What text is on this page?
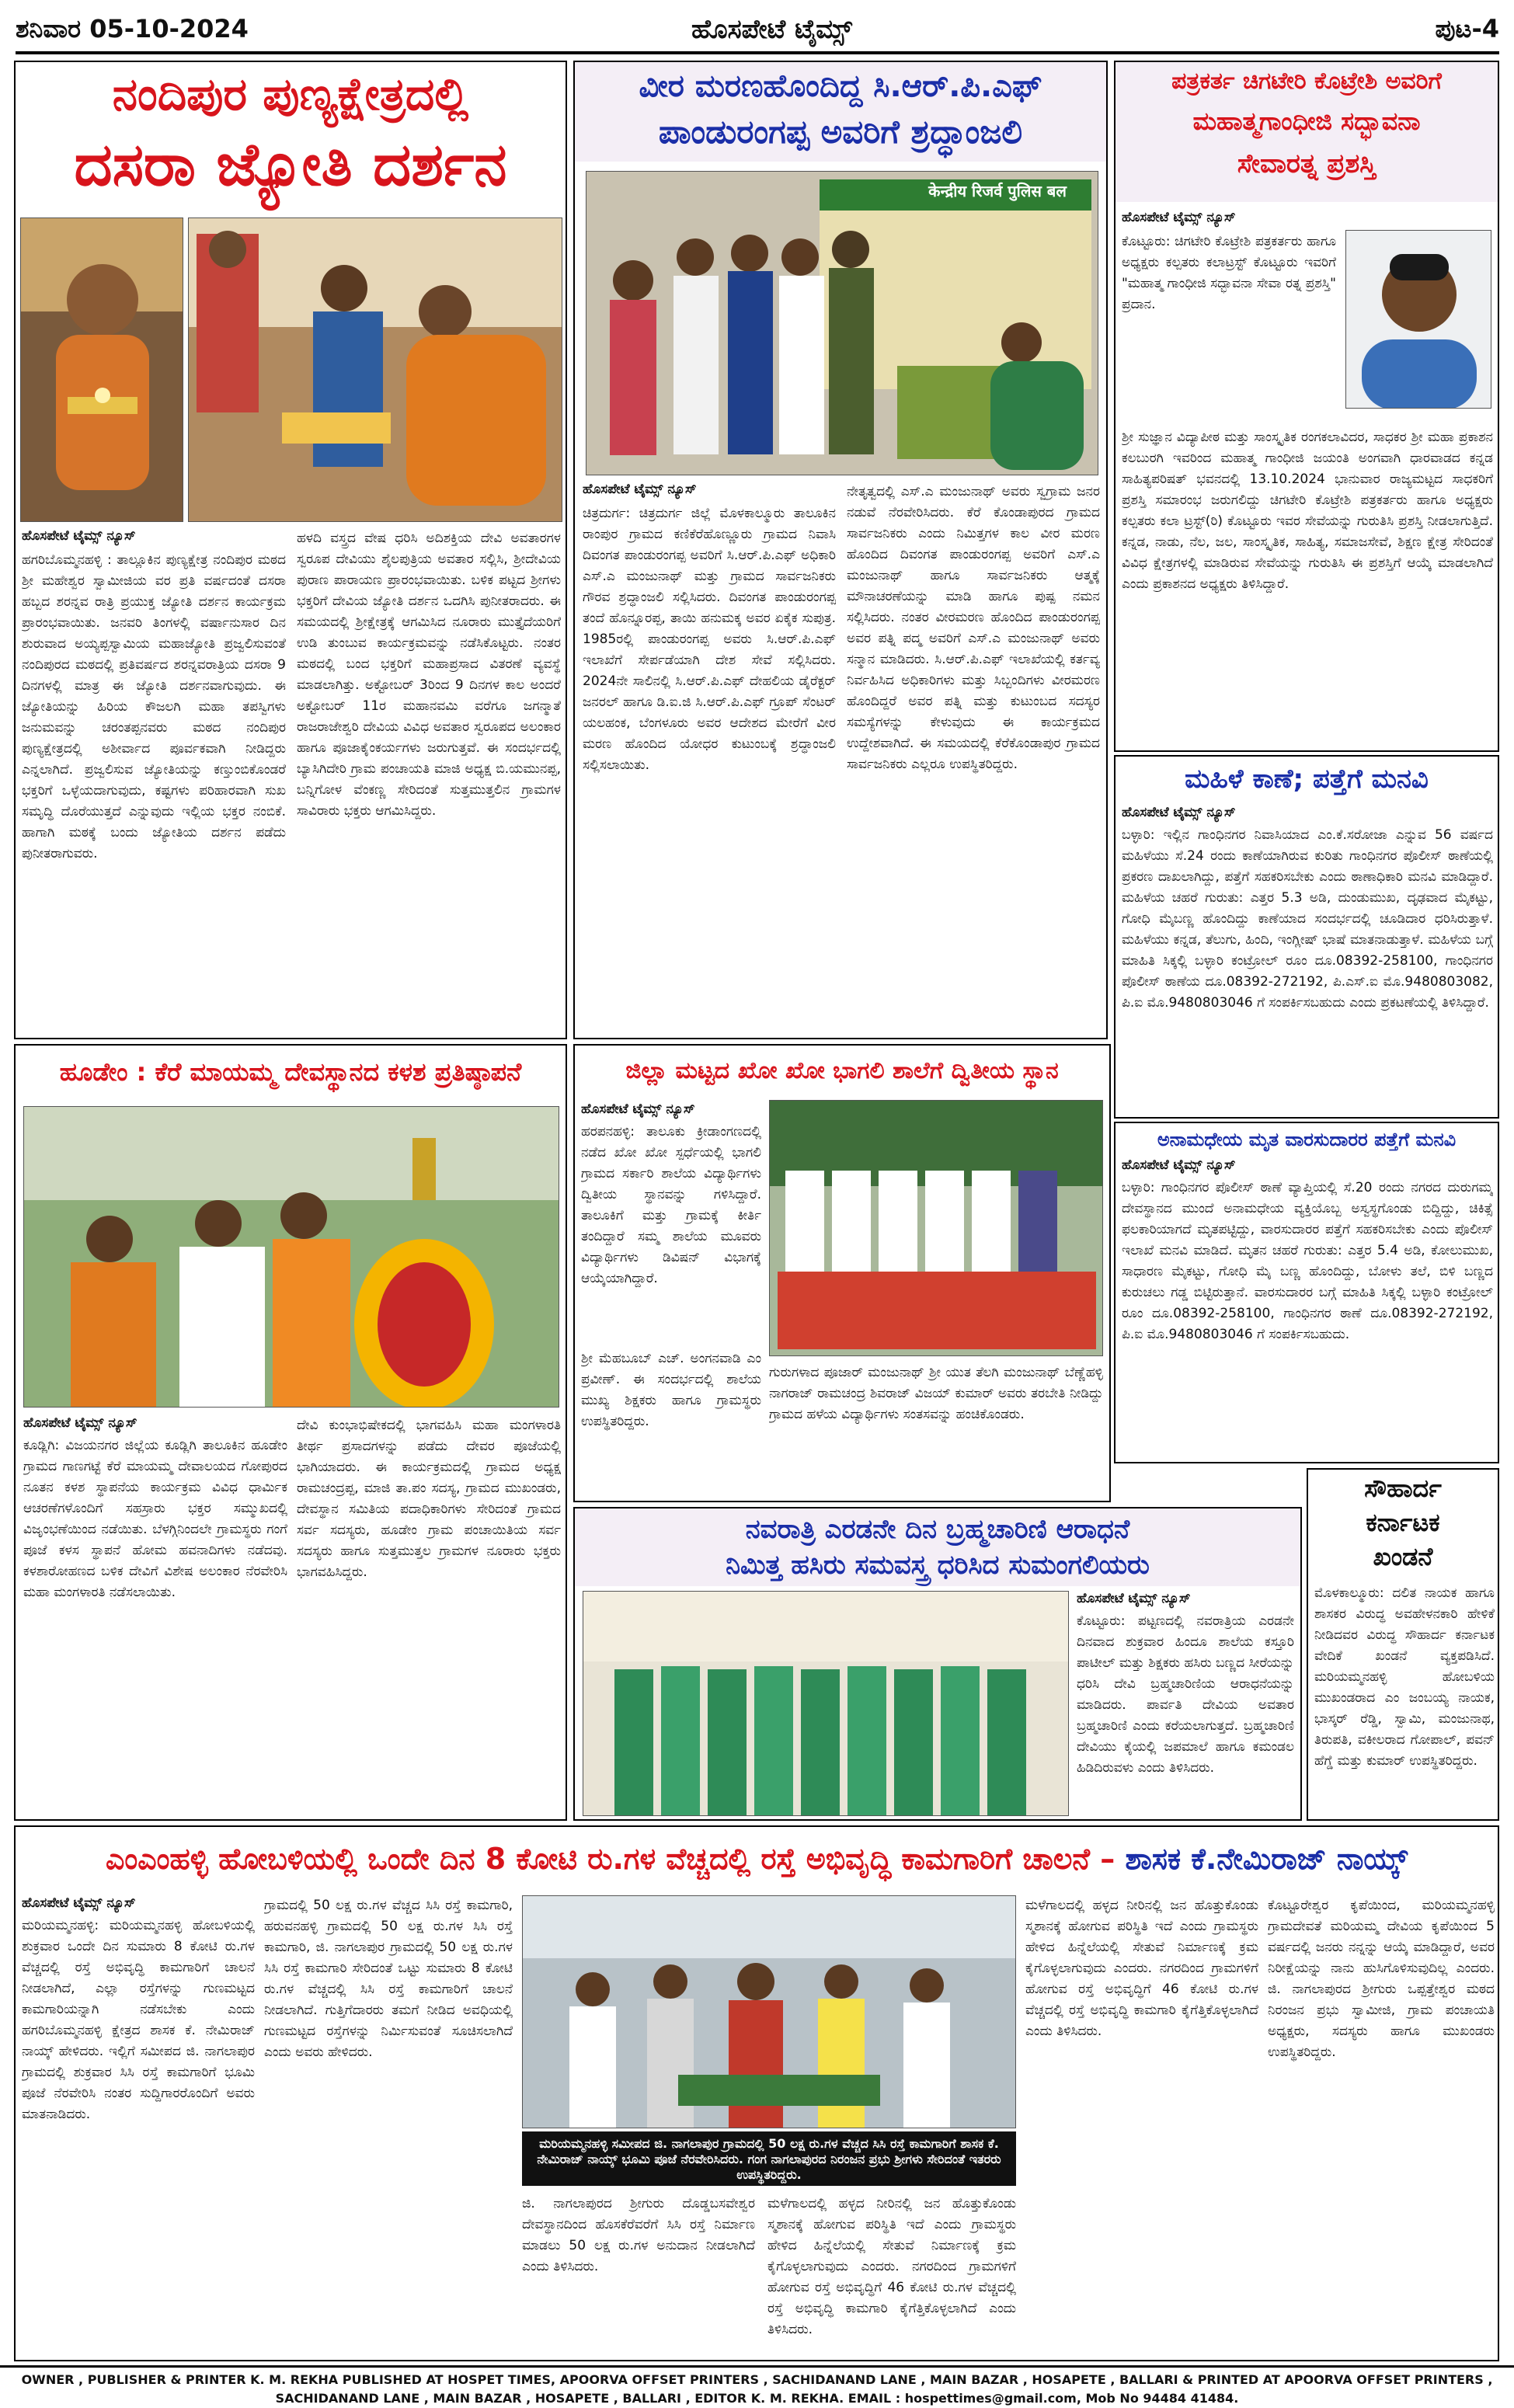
ಶನಿವಾರ 05-10-2024	ಹೊಸಪೇಟೆ ಟೈಮ್ಸ್	ಪುಟ-4
ನಂದಿಪುರ ಪುಣ್ಯಕ್ಷೇತ್ರದಲ್ಲಿ
ದಸರಾ ಜ್ಯೋತಿ ದರ್ಶನ
ಹೊಸಪೇಟೆ ಟೈಮ್ಸ್ ನ್ಯೂಸ್
ಹಗರಿಬೊಮ್ಮನಹಳ್ಳಿ : ತಾಲ್ಲೂಕಿನ ಪುಣ್ಯಕ್ಷೇತ್ರ ನಂದಿಪುರ ಮಠದ ಶ್ರೀ ಮಹೇಶ್ವರ ಸ್ವಾಮೀಜಿಯ ವರ ಪ್ರತಿ ವರ್ಷದಂತೆ ದಸರಾ ಹಬ್ಬದ ಶರನ್ನವ ರಾತ್ರಿ ಪ್ರಯುಕ್ತ ಜ್ಯೋತಿ ದರ್ಶನ ಕಾರ್ಯಕ್ರಮ ಪ್ರಾರಂಭವಾಯಿತು. ಜನವರಿ ತಿಂಗಳಲ್ಲಿ ವರ್ಷಾನುಸಾರ ದಿನ ಶುರುವಾದ ಅಯ್ಯಪ್ಪಸ್ವಾಮಿಯ ಮಹಾಜ್ಯೋತಿ ಪ್ರಜ್ವಲಿಸುವಂತೆ ನಂದಿಪುರದ ಮಠದಲ್ಲಿ ಪ್ರತಿವರ್ಷದ ಶರನ್ನವರಾತ್ರಿಯ ದಸರಾ 9 ದಿನಗಳಲ್ಲಿ ಮಾತ್ರ ಈ ಜ್ಯೋತಿ ದರ್ಶನವಾಗುವುದು. ಈ ಜ್ಯೋತಿಯನ್ನು ಹಿರಿಯ ಕೌಜಲಗಿ ಮಹಾ ತಪಸ್ವಿಗಳು ಜನುಮವನ್ನು ಚರಂತಪ್ಪನವರು ಮಠದ ನಂದಿಪುರ ಪುಣ್ಯಕ್ಷೇತ್ರದಲ್ಲಿ ಅಶೀರ್ವಾದ ಪೂರ್ವಕವಾಗಿ ನೀಡಿದ್ದರು ಎನ್ನಲಾಗಿದೆ. ಪ್ರಜ್ವಲಿಸುವ ಜ್ಯೋತಿಯನ್ನು ಕಣ್ತುಂಬಿಕೊಂಡರೆ ಭಕ್ತರಿಗೆ ಒಳ್ಳೆಯದಾಗುವುದು, ಕಷ್ಟಗಳು ಪರಿಹಾರವಾಗಿ ಸುಖ ಸಮೃದ್ಧಿ ದೊರೆಯುತ್ತದೆ ಎನ್ನುವುದು ಇಲ್ಲಿಯ ಭಕ್ತರ ನಂಬಿಕೆ. ಹಾಗಾಗಿ ಮಠಕ್ಕೆ ಬಂದು ಜ್ಯೋತಿಯ ದರ್ಶನ ಪಡೆದು ಪುನೀತರಾಗುವರು.
ಹಳದಿ ವಸ್ತ್ರದ ವೇಷ ಧರಿಸಿ ಅದಿಶಕ್ತಿಯ ದೇವಿ ಅವತಾರಗಳ ಸ್ವರೂಪ ದೇವಿಯು ಶೈಲಪುತ್ರಿಯ ಅವತಾರ ಸಲ್ಲಿಸಿ, ಶ್ರೀದೇವಿಯ ಪುರಾಣ ಪಾರಾಯಣ ಪ್ರಾರಂಭವಾಯಿತು. ಬಳಿಕ ಪಟ್ಟದ ಶ್ರೀಗಳು ಭಕ್ತರಿಗೆ ದೇವಿಯ ಜ್ಯೋತಿ ದರ್ಶನ ಒದಗಿಸಿ ಪುನೀತರಾದರು. ಈ ಸಮಯದಲ್ಲಿ ಶ್ರೀಕ್ಷೇತ್ರಕ್ಕೆ ಆಗಮಿಸಿದ ನೂರಾರು ಮುತ್ತೈದೆಯರಿಗೆ ಉಡಿ ತುಂಬುವ ಕಾರ್ಯಕ್ರಮವನ್ನು ನಡೆಸಿಕೊಟ್ಟರು. ನಂತರ ಮಠದಲ್ಲಿ ಬಂದ ಭಕ್ತರಿಗೆ ಮಹಾಪ್ರಸಾದ ವಿತರಣೆ ವ್ಯವಸ್ಥೆ ಮಾಡಲಾಗಿತ್ತು. ಅಕ್ಟೋಬರ್ 3ರಿಂದ 9 ದಿನಗಳ ಕಾಲ ಅಂದರೆ ಅಕ್ಟೋಬರ್ 11ರ ಮಹಾನವಮಿ ವರೆಗೂ ಜಗನ್ಮಾತೆ ರಾಜರಾಜೇಶ್ವರಿ ದೇವಿಯ ವಿವಿಧ ಅವತಾರ ಸ್ವರೂಪದ ಅಲಂಕಾರ ಹಾಗೂ ಪೂಜಾಕೈಂಕರ್ಯಗಳು ಜರುಗುತ್ತವೆ. ಈ ಸಂದರ್ಭದಲ್ಲಿ ಬ್ಯಾಸಿಗಿದೇರಿ ಗ್ರಾಮ ಪಂಚಾಯತಿ ಮಾಜಿ ಅಧ್ಯಕ್ಷ ಬಿ.ಯಮುನಪ್ಪ, ಬನ್ನಿಗೋಳ ವೆಂಕಣ್ಣ ಸೇರಿದಂತೆ ಸುತ್ತಮುತ್ತಲಿನ ಗ್ರಾಮಗಳ ಸಾವಿರಾರು ಭಕ್ತರು ಆಗಮಿಸಿದ್ದರು.
ವೀರ ಮರಣಹೊಂದಿದ್ದ ಸಿ.ಆರ್.ಪಿ.ಎಫ್
ಪಾಂಡುರಂಗಪ್ಪ ಅವರಿಗೆ ಶ್ರದ್ಧಾಂಜಲಿ
केन्द्रीय रिजर्व पुलिस बल
ಹೊಸಪೇಟೆ ಟೈಮ್ಸ್ ನ್ಯೂಸ್
ಚಿತ್ರದುರ್ಗ: ಚಿತ್ರದುರ್ಗ ಜಿಲ್ಲೆ ಮೊಳಕಾಲ್ಮೂರು ತಾಲೂಕಿನ ರಾಂಪುರ ಗ್ರಾಮದ ಕಣಿಕೆರೆಹೊಣ್ಣೂರು ಗ್ರಾಮದ ನಿವಾಸಿ ದಿವಂಗತ ಪಾಂಡುರಂಗಪ್ಪ ಅವರಿಗೆ ಸಿ.ಆರ್.ಪಿ.ಎಫ್ ಅಧಿಕಾರಿ ಎಸ್.ಎ ಮಂಜುನಾಥ್ ಮತ್ತು ಗ್ರಾಮದ ಸಾರ್ವಜನಿಕರು ಗೌರವ ಶ್ರದ್ಧಾಂಜಲಿ ಸಲ್ಲಿಸಿದರು. ದಿವಂಗತ ಪಾಂಡುರಂಗಪ್ಪ ತಂದೆ ಹೊನ್ನೂರಪ್ಪ, ತಾಯಿ ಹನುಮಕ್ಕ ಅವರ ಏಕೈಕ ಸುಪುತ್ರ. 1985ರಲ್ಲಿ ಪಾಂಡುರಂಗಪ್ಪ ಅವರು ಸಿ.ಆರ್.ಪಿ.ಎಫ್ ಇಲಾಖೆಗೆ ಸೇರ್ಪಡೆಯಾಗಿ ದೇಶ ಸೇವೆ ಸಲ್ಲಿಸಿದರು. 2024ನೇ ಸಾಲಿನಲ್ಲಿ ಸಿ.ಆರ್.ಪಿ.ಎಫ್ ದೇಹಲಿಯ ಡೈರೆಕ್ಟರ್ ಜನರಲ್ ಹಾಗೂ ಡಿ.ಐ.ಜಿ ಸಿ.ಆರ್.ಪಿ.ಎಫ್ ಗ್ರೂಪ್ ಸೆಂಟರ್ ಯಲಹಂಕ, ಬೆಂಗಳೂರು ಅವರ ಆದೇಶದ ಮೇರೆಗೆ ವೀರ ಮರಣ ಹೊಂದಿದ ಯೋಧರ ಕುಟುಂಬಕ್ಕೆ ಶ್ರದ್ಧಾಂಜಲಿ ಸಲ್ಲಿಸಲಾಯಿತು.
ನೇತೃತ್ವದಲ್ಲಿ ಎಸ್.ಎ ಮಂಜುನಾಥ್ ಅವರು ಸ್ವಗ್ರಾಮ ಜನರ ನಡುವೆ ನೆರವೇರಿಸಿದರು. ಕೆರೆ ಕೊಂಡಾಪುರದ ಗ್ರಾಮದ ಸಾರ್ವಜನಿಕರು ಎಂದು ನಿಮಿತ್ತಗಳ ಕಾಲ ವೀರ ಮರಣ ಹೊಂದಿದ ದಿವಂಗತ ಪಾಂಡುರಂಗಪ್ಪ ಅವರಿಗೆ ಎಸ್.ಎ ಮಂಜುನಾಥ್ ಹಾಗೂ ಸಾರ್ವಜನಿಕರು ಆತ್ಮಕ್ಕೆ ಮೌನಾಚರಣೆಯನ್ನು ಮಾಡಿ ಹಾಗೂ ಪುಷ್ಪ ನಮನ ಸಲ್ಲಿಸಿದರು. ನಂತರ ವೀರಮರಣ ಹೊಂದಿದ ಪಾಂಡುರಂಗಪ್ಪ ಅವರ ಪತ್ನಿ ಪದ್ಮ ಅವರಿಗೆ ಎಸ್.ಎ ಮಂಜುನಾಥ್ ಅವರು ಸನ್ಮಾನ ಮಾಡಿದರು. ಸಿ.ಆರ್.ಪಿ.ಎಫ್ ಇಲಾಖೆಯಲ್ಲಿ ಕರ್ತವ್ಯ ನಿರ್ವಹಿಸಿದ ಅಧಿಕಾರಿಗಳು ಮತ್ತು ಸಿಬ್ಬಂದಿಗಳು ವೀರಮರಣ ಹೊಂದಿದ್ದರೆ ಅವರ ಪತ್ನಿ ಮತ್ತು ಕುಟುಂಬದ ಸದಸ್ಯರ ಸಮಸ್ಯೆಗಳನ್ನು ಕೇಳುವುದು ಈ ಕಾರ್ಯಕ್ರಮದ ಉದ್ದೇಶವಾಗಿದೆ. ಈ ಸಮಯದಲ್ಲಿ ಕೆರೆಕೊಂಡಾಪುರ ಗ್ರಾಮದ ಸಾರ್ವಜನಿಕರು ಎಲ್ಲರೂ ಉಪಸ್ಥಿತರಿದ್ದರು.
ಪತ್ರಕರ್ತ ಚಿಗಟೇರಿ ಕೊಟ್ರೇಶಿ ಅವರಿಗೆ
ಮಹಾತ್ಮಗಾಂಧೀಜಿ ಸದ್ಭಾವನಾ
ಸೇವಾರತ್ನ ಪ್ರಶಸ್ತಿ
ಹೊಸಪೇಟೆ ಟೈಮ್ಸ್ ನ್ಯೂಸ್
ಕೊಟ್ಟೂರು: ಚಿಗಟೇರಿ ಕೊಟ್ರೇಶಿ ಪತ್ರಕರ್ತರು ಹಾಗೂ ಅಧ್ಯಕ್ಷರು ಕಲ್ಪತರು ಕಲಾಟ್ರಸ್ಟ್ ಕೊಟ್ಟೂರು ಇವರಿಗೆ "ಮಹಾತ್ಮ ಗಾಂಧೀಜಿ ಸದ್ಭಾವನಾ ಸೇವಾ ರತ್ನ ಪ್ರಶಸ್ತಿ" ಪ್ರದಾನ.
ಶ್ರೀ ಸುಜ್ಞಾನ ವಿದ್ಯಾಪೀಠ ಮತ್ತು ಸಾಂಸ್ಕೃತಿಕ ರಂಗಕಲಾವಿದರ, ಸಾಧಕರ ಶ್ರೀ ಮಹಾ ಪ್ರಕಾಶನ ಕಲಬುರಗಿ ಇವರಿಂದ ಮಹಾತ್ಮ ಗಾಂಧೀಜಿ ಜಯಂತಿ ಅಂಗವಾಗಿ ಧಾರವಾಡದ ಕನ್ನಡ ಸಾಹಿತ್ಯಪರಿಷತ್ ಭವನದಲ್ಲಿ 13.10.2024 ಭಾನುವಾರ ರಾಜ್ಯಮಟ್ಟದ ಸಾಧಕರಿಗೆ ಪ್ರಶಸ್ತಿ ಸಮಾರಂಭ ಜರುಗಲಿದ್ದು ಚಿಗಟೇರಿ ಕೊಟ್ರೇಶಿ ಪತ್ರಕರ್ತರು ಹಾಗೂ ಅಧ್ಯಕ್ಷರು ಕಲ್ಪತರು ಕಲಾ ಟ್ರಸ್ಟ್(ರಿ) ಕೊಟ್ಟೂರು ಇವರ ಸೇವೆಯನ್ನು ಗುರುತಿಸಿ ಪ್ರಶಸ್ತಿ ನೀಡಲಾಗುತ್ತಿದೆ. ಕನ್ನಡ, ನಾಡು, ನೆಲ, ಜಲ, ಸಾಂಸ್ಕೃತಿಕ, ಸಾಹಿತ್ಯ, ಸಮಾಜಸೇವೆ, ಶಿಕ್ಷಣ ಕ್ಷೇತ್ರ ಸೇರಿದಂತೆ ವಿವಿಧ ಕ್ಷೇತ್ರಗಳಲ್ಲಿ ಮಾಡಿರುವ ಸೇವೆಯನ್ನು ಗುರುತಿಸಿ ಈ ಪ್ರಶಸ್ತಿಗೆ ಆಯ್ಕೆ ಮಾಡಲಾಗಿದೆ ಎಂದು ಪ್ರಕಾಶನದ ಅಧ್ಯಕ್ಷರು ತಿಳಿಸಿದ್ದಾರೆ.
ಮಹಿಳೆ ಕಾಣೆ; ಪತ್ತೆಗೆ ಮನವಿ
ಹೊಸಪೇಟೆ ಟೈಮ್ಸ್ ನ್ಯೂಸ್
ಬಳ್ಳಾರಿ: ಇಲ್ಲಿನ ಗಾಂಧಿನಗರ ನಿವಾಸಿಯಾದ ಎಂ.ಕೆ.ಸರೋಜಾ ಎನ್ನುವ 56 ವರ್ಷದ ಮಹಿಳೆಯು ಸೆ.24 ರಂದು ಕಾಣೆಯಾಗಿರುವ ಕುರಿತು ಗಾಂಧಿನಗರ ಪೊಲೀಸ್ ಠಾಣೆಯಲ್ಲಿ ಪ್ರಕರಣ ದಾಖಲಾಗಿದ್ದು, ಪತ್ತೆಗೆ ಸಹಕರಿಸಬೇಕು ಎಂದು ಠಾಣಾಧಿಕಾರಿ ಮನವಿ ಮಾಡಿದ್ದಾರೆ. ಮಹಿಳೆಯ ಚಹರೆ ಗುರುತು: ಎತ್ತರ 5.3 ಅಡಿ, ದುಂಡುಮುಖ, ದೃಢವಾದ ಮೈಕಟ್ಟು, ಗೋಧಿ ಮೈಬಣ್ಣ ಹೊಂದಿದ್ದು ಕಾಣೆಯಾದ ಸಂದರ್ಭದಲ್ಲಿ ಚೂಡಿದಾರ ಧರಿಸಿರುತ್ತಾಳೆ. ಮಹಿಳೆಯು ಕನ್ನಡ, ತೆಲುಗು, ಹಿಂದಿ, ಇಂಗ್ಲೀಷ್ ಭಾಷೆ ಮಾತನಾಡುತ್ತಾಳೆ. ಮಹಿಳೆಯ ಬಗ್ಗೆ ಮಾಹಿತಿ ಸಿಕ್ಕಲ್ಲಿ ಬಳ್ಳಾರಿ ಕಂಟ್ರೋಲ್ ರೂಂ ದೂ.08392-258100, ಗಾಂಧಿನಗರ ಪೊಲೀಸ್ ಠಾಣೆಯ ದೂ.08392-272192, ಪಿ.ಎಸ್.ಐ ಮೊ.9480803082, ಪಿ.ಐ ಮೊ.9480803046 ಗೆ ಸಂಪರ್ಕಿಸಬಹುದು ಎಂದು ಪ್ರಕಟಣೆಯಲ್ಲಿ ತಿಳಿಸಿದ್ದಾರೆ.
ಅನಾಮಧೇಯ ಮೃತ ವಾರಸುದಾರರ ಪತ್ತೆಗೆ ಮನವಿ
ಹೊಸಪೇಟೆ ಟೈಮ್ಸ್ ನ್ಯೂಸ್
ಬಳ್ಳಾರಿ: ಗಾಂಧಿನಗರ ಪೊಲೀಸ್ ಠಾಣೆ ವ್ಯಾಪ್ತಿಯಲ್ಲಿ ಸೆ.20 ರಂದು ನಗರದ ದುರುಗಮ್ಮ ದೇವಸ್ಥಾನದ ಮುಂದೆ ಅನಾಮಧೇಯ ವ್ಯಕ್ತಿಯೊಬ್ಬ ಅಸ್ವಸ್ಥಗೊಂಡು ಬಿದ್ದಿದ್ದು, ಚಿಕಿತ್ಸೆ ಫಲಕಾರಿಯಾಗದೆ ಮೃತಪಟ್ಟಿದ್ದು, ವಾರಸುದಾರರ ಪತ್ತೆಗೆ ಸಹಕರಿಸಬೇಕು ಎಂದು ಪೊಲೀಸ್ ಇಲಾಖೆ ಮನವಿ ಮಾಡಿದೆ. ಮೃತನ ಚಹರೆ ಗುರುತು: ಎತ್ತರ 5.4 ಅಡಿ, ಕೋಲುಮುಖ, ಸಾಧಾರಣ ಮೈಕಟ್ಟು, ಗೋಧಿ ಮೈ ಬಣ್ಣ ಹೊಂದಿದ್ದು, ಬೋಳು ತಲೆ, ಬಿಳಿ ಬಣ್ಣದ ಕುರುಚಲು ಗಡ್ಡ ಬಿಟ್ಟಿರುತ್ತಾನೆ. ವಾರಸುದಾರರ ಬಗ್ಗೆ ಮಾಹಿತಿ ಸಿಕ್ಕಲ್ಲಿ ಬಳ್ಳಾರಿ ಕಂಟ್ರೋಲ್ ರೂಂ ದೂ.08392-258100, ಗಾಂಧಿನಗರ ಠಾಣೆ ದೂ.08392-272192, ಪಿ.ಐ ಮೊ.9480803046 ಗೆ ಸಂಪರ್ಕಿಸಬಹುದು.
ಹೂಡೇಂ : ಕೆರೆ ಮಾಯಮ್ಮ ದೇವಸ್ಥಾನದ ಕಳಶ ಪ್ರತಿಷ್ಠಾಪನೆ
ಹೊಸಪೇಟೆ ಟೈಮ್ಸ್ ನ್ಯೂಸ್
ಕೂಡ್ಲಿಗಿ: ವಿಜಯನಗರ ಜಿಲ್ಲೆಯ ಕೂಡ್ಲಿಗಿ ತಾಲೂಕಿನ ಹೂಡೇಂ ಗ್ರಾಮದ ಗಾಣಗಟ್ಟೆ ಕೆರೆ ಮಾಯಮ್ಮ ದೇವಾಲಯದ ಗೋಪುರದ ನೂತನ ಕಳಶ ಸ್ಥಾಪನೆಯ ಕಾರ್ಯಕ್ರಮ ವಿವಿಧ ಧಾರ್ಮಿಕ ಆಚರಣೆಗಳೊಂದಿಗೆ ಸಹಸ್ರಾರು ಭಕ್ತರ ಸಮ್ಮುಖದಲ್ಲಿ ವಿಜೃಂಭಣೆಯಿಂದ ನಡೆಯಿತು. ಬೆಳಗ್ಗಿನಿಂದಲೇ ಗ್ರಾಮಸ್ಥರು ಗಂಗೆ ಪೂಜೆ ಕಳಸ ಸ್ಥಾಪನೆ ಹೋಮ ಹವನಾದಿಗಳು ನಡೆದವು. ಕಳಶಾರೋಹಣದ ಬಳಿಕ ದೇವಿಗೆ ವಿಶೇಷ ಅಲಂಕಾರ ನೆರವೇರಿಸಿ ಮಹಾ ಮಂಗಳಾರತಿ ನಡೆಸಲಾಯಿತು.
ದೇವಿ ಕುಂಭಾಭಿಷೇಕದಲ್ಲಿ ಭಾಗವಹಿಸಿ ಮಹಾ ಮಂಗಳಾರತಿ ತೀರ್ಥ ಪ್ರಸಾದಗಳನ್ನು ಪಡೆದು ದೇವರ ಪೂಜೆಯಲ್ಲಿ ಭಾಗಿಯಾದರು. ಈ ಕಾರ್ಯಕ್ರಮದಲ್ಲಿ ಗ್ರಾಮದ ಅಧ್ಯಕ್ಷ ರಾಮಚಂದ್ರಪ್ಪ, ಮಾಜಿ ತಾ.ಪಂ ಸದಸ್ಯ, ಗ್ರಾಮದ ಮುಖಂಡರು, ದೇವಸ್ಥಾನ ಸಮಿತಿಯ ಪದಾಧಿಕಾರಿಗಳು ಸೇರಿದಂತೆ ಗ್ರಾಮದ ಸರ್ವ ಸದಸ್ಯರು, ಹೂಡೇಂ ಗ್ರಾಮ ಪಂಚಾಯಿತಿಯ ಸರ್ವ ಸದಸ್ಯರು ಹಾಗೂ ಸುತ್ತಮುತ್ತಲ ಗ್ರಾಮಗಳ ನೂರಾರು ಭಕ್ತರು ಭಾಗವಹಿಸಿದ್ದರು.
ಜಿಲ್ಲಾ ಮಟ್ಟದ ಖೋ ಖೋ ಭಾಗಲಿ ಶಾಲೆಗೆ ದ್ವಿತೀಯ ಸ್ಥಾನ
ಹೊಸಪೇಟೆ ಟೈಮ್ಸ್ ನ್ಯೂಸ್
ಹರಪನಹಳ್ಳಿ: ತಾಲೂಕು ಕ್ರೀಡಾಂಗಣದಲ್ಲಿ ನಡೆದ ಖೋ ಖೋ ಸ್ಪರ್ಧೆಯಲ್ಲಿ ಭಾಗಲಿ ಗ್ರಾಮದ ಸರ್ಕಾರಿ ಶಾಲೆಯ ವಿದ್ಯಾರ್ಥಿಗಳು ದ್ವಿತೀಯ ಸ್ಥಾನವನ್ನು ಗಳಿಸಿದ್ದಾರೆ. ತಾಲೂಕಿಗೆ ಮತ್ತು ಗ್ರಾಮಕ್ಕೆ ಕೀರ್ತಿ ತಂದಿದ್ದಾರೆ ಸಮ್ಮ ಶಾಲೆಯ ಮೂವರು ವಿದ್ಯಾರ್ಥಿಗಳು ಡಿವಿಷನ್ ವಿಭಾಗಕ್ಕೆ ಆಯ್ಕೆಯಾಗಿದ್ದಾರೆ.
ಶ್ರೀ ಮೆಹಬೂಬ್ ಎಚ್. ಅಂಗನವಾಡಿ ಎಂ ಪ್ರವೀಣ್. ಈ ಸಂದರ್ಭದಲ್ಲಿ ಶಾಲೆಯ ಮುಖ್ಯ ಶಿಕ್ಷಕರು ಹಾಗೂ ಗ್ರಾಮಸ್ಥರು ಉಪಸ್ಥಿತರಿದ್ದರು.
ಗುರುಗಳಾದ ಪೂಜಾರ್ ಮಂಜುನಾಥ್ ಶ್ರೀ ಯುತ ತೆಲಗಿ ಮಂಜುನಾಥ್ ಬೆಣ್ಣೆಹಳ್ಳಿ ನಾಗರಾಜ್ ರಾಮಚಂದ್ರ ಶಿವರಾಜ್ ವಿಜಯ್ ಕುಮಾರ್ ಅವರು ತರಬೇತಿ ನೀಡಿದ್ದು ಗ್ರಾಮದ ಹಳೆಯ ವಿದ್ಯಾರ್ಥಿಗಳು ಸಂತಸವನ್ನು ಹಂಚಿಕೊಂಡರು.
ನವರಾತ್ರಿ ಎರಡನೇ ದಿನ ಬ್ರಹ್ಮಚಾರಿಣಿ ಆರಾಧನೆ
ನಿಮಿತ್ತ ಹಸಿರು ಸಮವಸ್ತ್ರ ಧರಿಸಿದ ಸುಮಂಗಲಿಯರು
ಹೊಸಪೇಟೆ ಟೈಮ್ಸ್ ನ್ಯೂಸ್
ಕೊಟ್ಟೂರು: ಪಟ್ಟಣದಲ್ಲಿ ನವರಾತ್ರಿಯ ಎರಡನೇ ದಿನವಾದ ಶುಕ್ರವಾರ ಹಿಂದೂ ಶಾಲೆಯ ಕಸ್ತೂರಿ ಪಾಟೀಲ್ ಮತ್ತು ಶಿಕ್ಷಕರು ಹಸಿರು ಬಣ್ಣದ ಸೀರೆಯನ್ನು ಧರಿಸಿ ದೇವಿ ಬ್ರಹ್ಮಚಾರಿಣಿಯ ಆರಾಧನೆಯನ್ನು ಮಾಡಿದರು. ಪಾರ್ವತಿ ದೇವಿಯ ಅವತಾರ ಬ್ರಹ್ಮಚಾರಿಣಿ ಎಂದು ಕರೆಯಲಾಗುತ್ತದೆ. ಬ್ರಹ್ಮಚಾರಿಣಿ ದೇವಿಯು ಕೈಯಲ್ಲಿ ಜಪಮಾಲೆ ಹಾಗೂ ಕಮಂಡಲ ಹಿಡಿದಿರುವಳು ಎಂದು ತಿಳಿಸಿದರು.
ಸೌಹಾರ್ದ
ಕರ್ನಾಟಕ
ಖಂಡನೆ
ಮೊಳಕಾಲ್ಮೂರು: ದಲಿತ ನಾಯಕ ಹಾಗೂ ಶಾಸಕರ ವಿರುದ್ಧ ಅವಹೇಳನಕಾರಿ ಹೇಳಿಕೆ ನೀಡಿದವರ ವಿರುದ್ಧ ಸೌಹಾರ್ದ ಕರ್ನಾಟಕ ವೇದಿಕೆ ಖಂಡನೆ ವ್ಯಕ್ತಪಡಿಸಿದೆ. ಮರಿಯಮ್ಮನಹಳ್ಳಿ ಹೋಬಳಿಯ ಮುಖಂಡರಾದ ಎಂ ಜಂಬಯ್ಯ ನಾಯಕ, ಭಾಸ್ಕರ್ ರೆಡ್ಡಿ, ಸ್ವಾಮಿ, ಮಂಜುನಾಥ, ತಿರುಪತಿ, ವಕೀಲರಾದ ಗೋಪಾಲ್, ಪವನ್ ಹೆಗ್ಡೆ ಮತ್ತು ಕುಮಾರ್ ಉಪಸ್ಥಿತರಿದ್ದರು.
ಎಂಎಂಹಳ್ಳಿ ಹೋಬಳಿಯಲ್ಲಿ ಒಂದೇ ದಿನ 8 ಕೋಟಿ ರು.ಗಳ ವೆಚ್ಚದಲ್ಲಿ ರಸ್ತೆ ಅಭಿವೃದ್ಧಿ ಕಾಮಗಾರಿಗೆ ಚಾಲನೆ – ಶಾಸಕ ಕೆ.ನೇಮಿರಾಜ್ ನಾಯ್ಕ್
ಹೊಸಪೇಟೆ ಟೈಮ್ಸ್ ನ್ಯೂಸ್
ಮರಿಯಮ್ಮನಹಳ್ಳಿ: ಮರಿಯಮ್ಮನಹಳ್ಳಿ ಹೋಬಳಿಯಲ್ಲಿ ಶುಕ್ರವಾರ ಒಂದೇ ದಿನ ಸುಮಾರು 8 ಕೋಟಿ ರು.ಗಳ ವೆಚ್ಚದಲ್ಲಿ ರಸ್ತೆ ಅಭಿವೃದ್ಧಿ ಕಾಮಗಾರಿಗೆ ಚಾಲನೆ ನೀಡಲಾಗಿದೆ, ಎಲ್ಲಾ ರಸ್ತೆಗಳನ್ನು ಗುಣಮಟ್ಟದ ಕಾಮಗಾರಿಯನ್ನಾಗಿ ನಡೆಸಬೇಕು ಎಂದು ಹಗರಿಬೊಮ್ಮನಹಳ್ಳಿ ಕ್ಷೇತ್ರದ ಶಾಸಕ ಕೆ. ನೇಮಿರಾಜ್ ನಾಯ್ಕ್ ಹೇಳಿದರು. ಇಲ್ಲಿಗೆ ಸಮೀಪದ ಜಿ. ನಾಗಲಾಪುರ ಗ್ರಾಮದಲ್ಲಿ ಶುಕ್ರವಾರ ಸಿಸಿ ರಸ್ತೆ ಕಾಮಗಾರಿಗೆ ಭೂಮಿ ಪೂಜೆ ನೆರವೇರಿಸಿ ನಂತರ ಸುದ್ದಿಗಾರರೊಂದಿಗೆ ಅವರು ಮಾತನಾಡಿದರು.
ಗ್ರಾಮದಲ್ಲಿ 50 ಲಕ್ಷ ರು.ಗಳ ವೆಚ್ಚದ ಸಿಸಿ ರಸ್ತೆ ಕಾಮಗಾರಿ, ಹರುವನಹಳ್ಳಿ ಗ್ರಾಮದಲ್ಲಿ 50 ಲಕ್ಷ ರು.ಗಳ ಸಿಸಿ ರಸ್ತೆ ಕಾಮಗಾರಿ, ಜಿ. ನಾಗಲಾಪುರ ಗ್ರಾಮದಲ್ಲಿ 50 ಲಕ್ಷ ರು.ಗಳ ಸಿಸಿ ರಸ್ತೆ ಕಾಮಗಾರಿ ಸೇರಿದಂತೆ ಒಟ್ಟು ಸುಮಾರು 8 ಕೋಟಿ ರು.ಗಳ ವೆಚ್ಚದಲ್ಲಿ ಸಿಸಿ ರಸ್ತೆ ಕಾಮಗಾರಿಗೆ ಚಾಲನೆ ನೀಡಲಾಗಿದೆ. ಗುತ್ತಿಗೆದಾರರು ತಮಗೆ ನೀಡಿದ ಅವಧಿಯಲ್ಲಿ ಗುಣಮಟ್ಟದ ರಸ್ತೆಗಳನ್ನು ನಿರ್ಮಿಸುವಂತೆ ಸೂಚಿಸಲಾಗಿದೆ ಎಂದು ಅವರು ಹೇಳಿದರು.
ಮರಿಯಮ್ಮನಹಳ್ಳಿ ಸಮೀಪದ ಜಿ. ನಾಗಲಾಪುರ ಗ್ರಾಮದಲ್ಲಿ 50 ಲಕ್ಷ ರು.ಗಳ ವೆಚ್ಚದ ಸಿಸಿ ರಸ್ತೆ ಕಾಮಗಾರಿಗೆ ಶಾಸಕ ಕೆ. ನೇಮಿರಾಜ್ ನಾಯ್ಕ್ ಭೂಮಿ ಪೂಜೆ ನೆರವೇರಿಸಿದರು. ಗಂಗ ನಾಗಲಾಪುರದ ನಿರಂಜನ ಪ್ರಭು ಶ್ರೀಗಳು ಸೇರಿದಂತೆ ಇತರರು ಉಪಸ್ಥಿತರಿದ್ದರು.
ಜಿ. ನಾಗಲಾಪುರದ ಶ್ರೀಗುರು ದೊಡ್ಡಬಸವೇಶ್ವರ ದೇವಸ್ಥಾನದಿಂದ ಹೊಸಕೆರೆವರೆಗೆ ಸಿಸಿ ರಸ್ತೆ ನಿರ್ಮಾಣ ಮಾಡಲು 50 ಲಕ್ಷ ರು.ಗಳ ಅನುದಾನ ನೀಡಲಾಗಿದೆ ಎಂದು ತಿಳಿಸಿದರು.
ಮಳೆಗಾಲದಲ್ಲಿ ಹಳ್ಳದ ನೀರಿನಲ್ಲಿ ಜನ ಹೊತ್ತುಕೊಂಡು ಸ್ಮಶಾನಕ್ಕೆ ಹೋಗುವ ಪರಿಸ್ಥಿತಿ ಇದೆ ಎಂದು ಗ್ರಾಮಸ್ಥರು ಹೇಳಿದ ಹಿನ್ನೆಲೆಯಲ್ಲಿ ಸೇತುವೆ ನಿರ್ಮಾಣಕ್ಕೆ ಕ್ರಮ ಕೈಗೊಳ್ಳಲಾಗುವುದು ಎಂದರು. ನಗರದಿಂದ ಗ್ರಾಮಗಳಿಗೆ ಹೋಗುವ ರಸ್ತೆ ಅಭಿವೃದ್ಧಿಗೆ 46 ಕೋಟಿ ರು.ಗಳ ವೆಚ್ಚದಲ್ಲಿ ರಸ್ತೆ ಅಭಿವೃದ್ಧಿ ಕಾಮಗಾರಿ ಕೈಗೆತ್ತಿಕೊಳ್ಳಲಾಗಿದೆ ಎಂದು ತಿಳಿಸಿದರು.
ಮಳೆಗಾಲದಲ್ಲಿ ಹಳ್ಳದ ನೀರಿನಲ್ಲಿ ಜನ ಹೊತ್ತುಕೊಂಡು ಸ್ಮಶಾನಕ್ಕೆ ಹೋಗುವ ಪರಿಸ್ಥಿತಿ ಇದೆ ಎಂದು ಗ್ರಾಮಸ್ಥರು ಹೇಳಿದ ಹಿನ್ನೆಲೆಯಲ್ಲಿ ಸೇತುವೆ ನಿರ್ಮಾಣಕ್ಕೆ ಕ್ರಮ ಕೈಗೊಳ್ಳಲಾಗುವುದು ಎಂದರು. ನಗರದಿಂದ ಗ್ರಾಮಗಳಿಗೆ ಹೋಗುವ ರಸ್ತೆ ಅಭಿವೃದ್ಧಿಗೆ 46 ಕೋಟಿ ರು.ಗಳ ವೆಚ್ಚದಲ್ಲಿ ರಸ್ತೆ ಅಭಿವೃದ್ಧಿ ಕಾಮಗಾರಿ ಕೈಗೆತ್ತಿಕೊಳ್ಳಲಾಗಿದೆ ಎಂದು ತಿಳಿಸಿದರು.
ಕೊಟ್ಟೂರೇಶ್ವರ ಕೃಪೆಯಿಂದ, ಮರಿಯಮ್ಮನಹಳ್ಳಿ ಗ್ರಾಮದೇವತೆ ಮರಿಯಮ್ಮ ದೇವಿಯ ಕೃಪೆಯಿಂದ 5 ವರ್ಷದಲ್ಲಿ ಜನರು ನನ್ನನ್ನು ಆಯ್ಕೆ ಮಾಡಿದ್ದಾರೆ, ಅವರ ನಿರೀಕ್ಷೆಯನ್ನು ನಾನು ಹುಸಿಗೊಳಿಸುವುದಿಲ್ಲ ಎಂದರು. ಜಿ. ನಾಗಲಾಪುರದ ಶ್ರೀಗುರು ಒಪ್ಪತ್ತೇಶ್ವರ ಮಠದ ನಿರಂಜನ ಪ್ರಭು ಸ್ವಾಮೀಜಿ, ಗ್ರಾಮ ಪಂಚಾಯತಿ ಅಧ್ಯಕ್ಷರು, ಸದಸ್ಯರು ಹಾಗೂ ಮುಖಂಡರು ಉಪಸ್ಥಿತರಿದ್ದರು.
OWNER , PUBLISHER & PRINTER K. M. REKHA PUBLISHED AT HOSPET TIMES, APOORVA OFFSET PRINTERS , SACHIDANAND LANE , MAIN BAZAR , HOSAPETE , BALLARI & PRINTED AT APOORVA OFFSET PRINTERS ,
SACHIDANAND LANE , MAIN BAZAR , HOSAPETE , BALLARI , EDITOR K. M. REKHA. EMAIL : hospettimes@gmail.com, Mob No 94484 41484.
